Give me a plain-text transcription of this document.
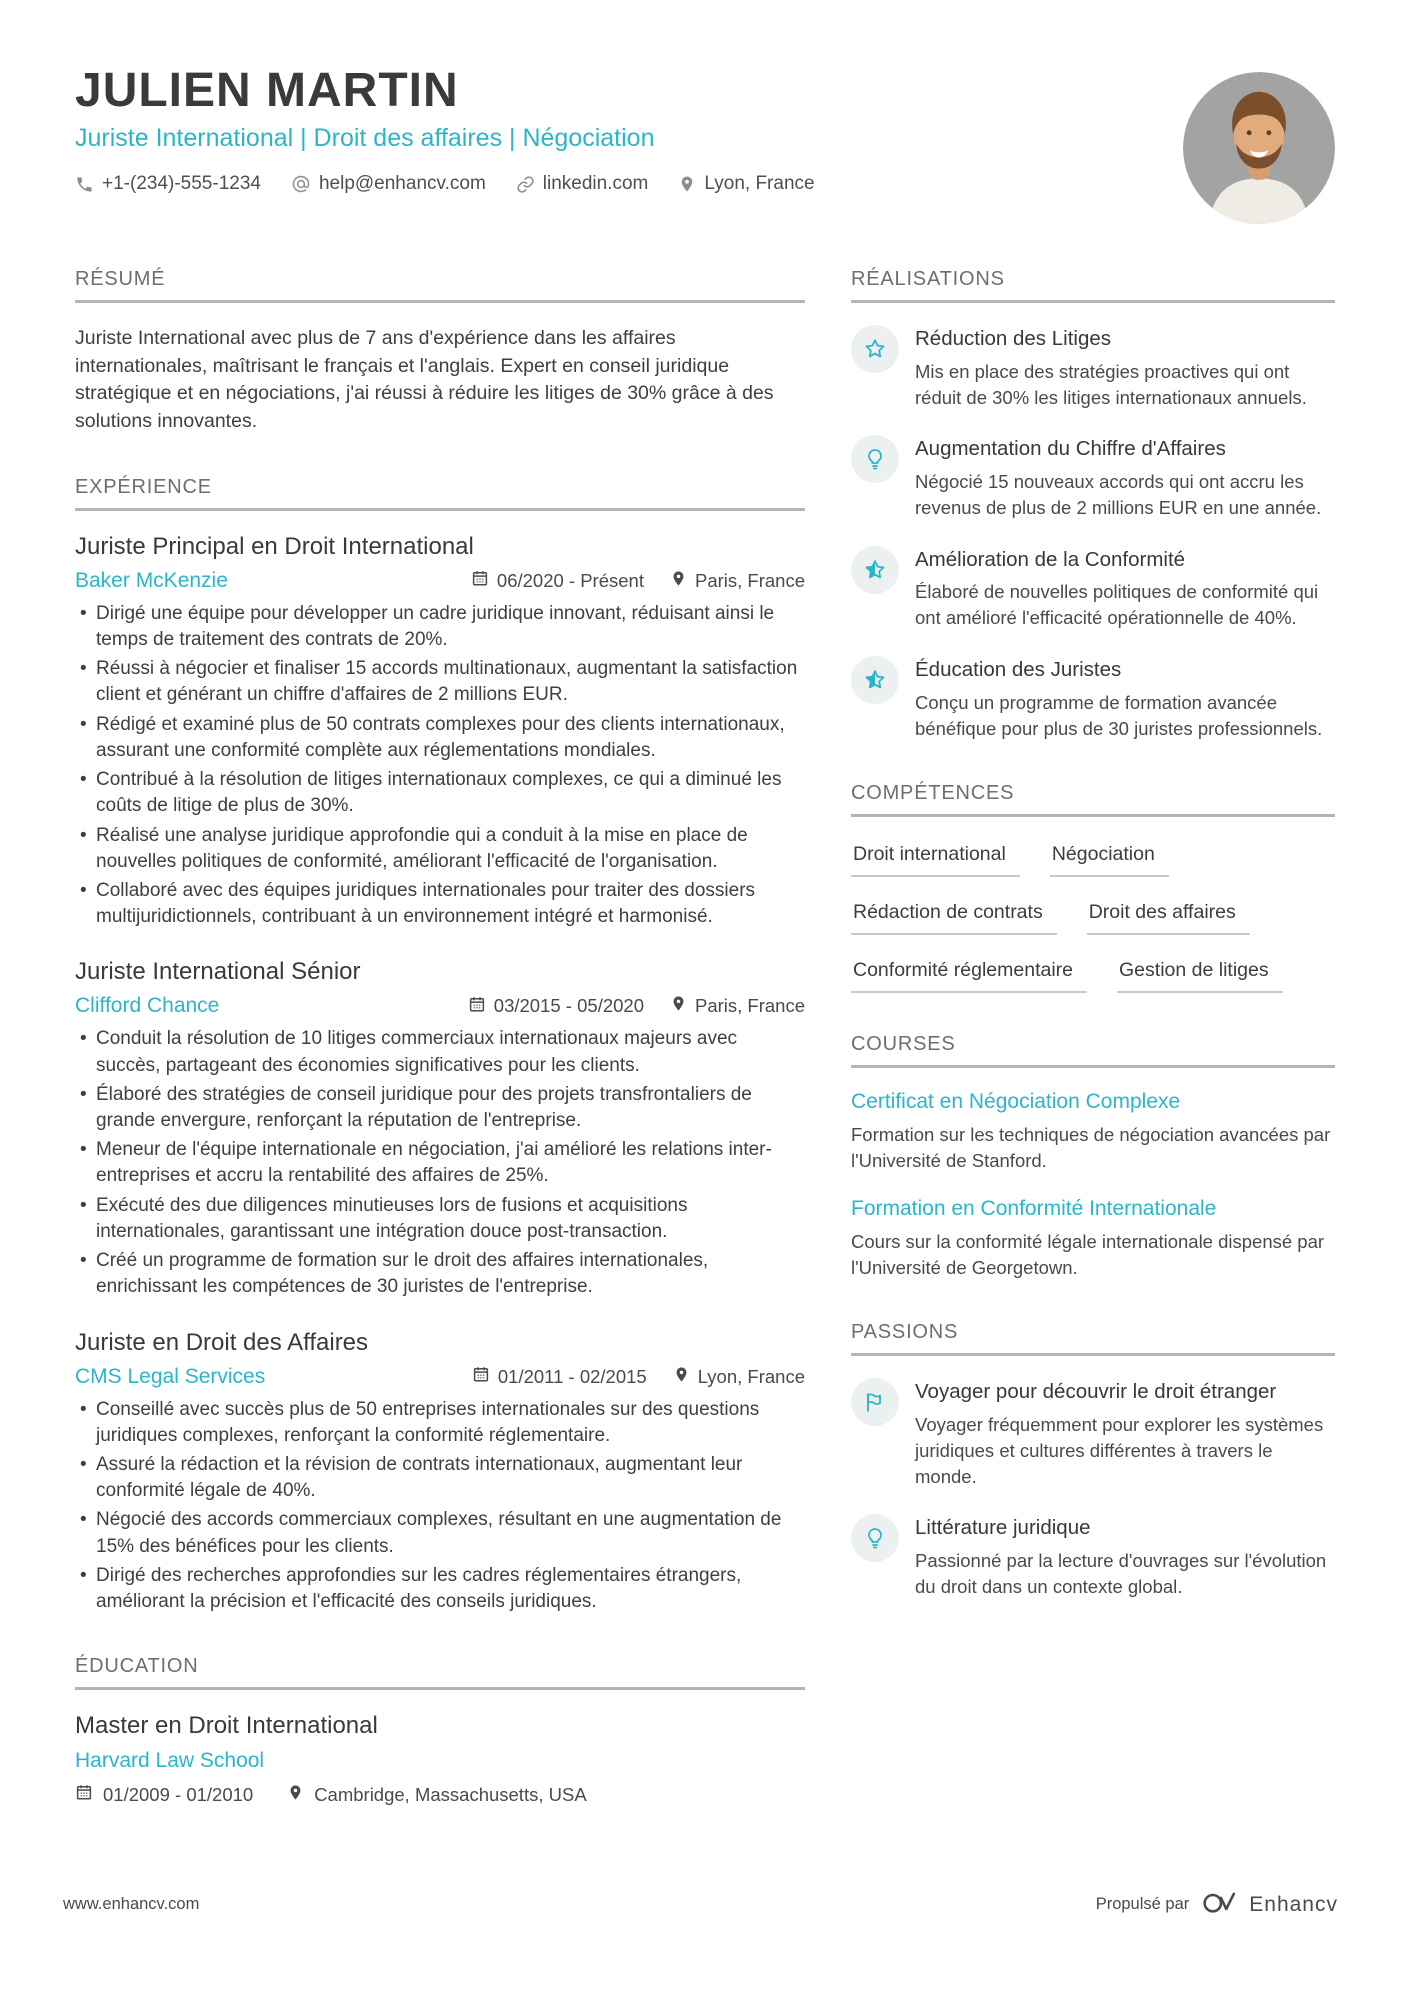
JULIEN MARTIN
Juriste International | Droit des affaires | Négociation
+1-(234)-555-1234	help@enhancv.com	linkedin.com	Lyon, France
RÉSUMÉ
Juriste International avec plus de 7 ans d'expérience dans les affaires internationales, maîtrisant le français et l'anglais. Expert en conseil juridique stratégique et en négociations, j'ai réussi à réduire les litiges de 30% grâce à des solutions innovantes.
EXPÉRIENCE
Juriste Principal en Droit International
Baker McKenzie	06/2020 - Présent	Paris, France
• Dirigé une équipe pour développer un cadre juridique innovant, réduisant ainsi le temps de traitement des contrats de 20%.
• Réussi à négocier et finaliser 15 accords multinationaux, augmentant la satisfaction client et générant un chiffre d'affaires de 2 millions EUR.
• Rédigé et examiné plus de 50 contrats complexes pour des clients internationaux, assurant une conformité complète aux réglementations mondiales.
• Contribué à la résolution de litiges internationaux complexes, ce qui a diminué les coûts de litige de plus de 30%.
• Réalisé une analyse juridique approfondie qui a conduit à la mise en place de nouvelles politiques de conformité, améliorant l'efficacité de l'organisation.
• Collaboré avec des équipes juridiques internationales pour traiter des dossiers multijuridictionnels, contribuant à un environnement intégré et harmonisé.
Juriste International Sénior
Clifford Chance	03/2015 - 05/2020	Paris, France
• Conduit la résolution de 10 litiges commerciaux internationaux majeurs avec succès, partageant des économies significatives pour les clients.
• Élaboré des stratégies de conseil juridique pour des projets transfrontaliers de grande envergure, renforçant la réputation de l'entreprise.
• Meneur de l'équipe internationale en négociation, j'ai amélioré les relations inter-entreprises et accru la rentabilité des affaires de 25%.
• Exécuté des due diligences minutieuses lors de fusions et acquisitions internationales, garantissant une intégration douce post-transaction.
• Créé un programme de formation sur le droit des affaires internationales, enrichissant les compétences de 30 juristes de l'entreprise.
Juriste en Droit des Affaires
CMS Legal Services	01/2011 - 02/2015	Lyon, France
• Conseillé avec succès plus de 50 entreprises internationales sur des questions juridiques complexes, renforçant la conformité réglementaire.
• Assuré la rédaction et la révision de contrats internationaux, augmentant leur conformité légale de 40%.
• Négocié des accords commerciaux complexes, résultant en une augmentation de 15% des bénéfices pour les clients.
• Dirigé des recherches approfondies sur les cadres réglementaires étrangers, améliorant la précision et l'efficacité des conseils juridiques.
ÉDUCATION
Master en Droit International
Harvard Law School
01/2009 - 01/2010	Cambridge, Massachusetts, USA
RÉALISATIONS
Réduction des Litiges
Mis en place des stratégies proactives qui ont réduit de 30% les litiges internationaux annuels.
Augmentation du Chiffre d'Affaires
Négocié 15 nouveaux accords qui ont accru les revenus de plus de 2 millions EUR en une année.
Amélioration de la Conformité
Élaboré de nouvelles politiques de conformité qui ont amélioré l'efficacité opérationnelle de 40%.
Éducation des Juristes
Conçu un programme de formation avancée bénéfique pour plus de 30 juristes professionnels.
COMPÉTENCES
Droit international	Négociation
Rédaction de contrats	Droit des affaires
Conformité réglementaire	Gestion de litiges
COURSES
Certificat en Négociation Complexe
Formation sur les techniques de négociation avancées par l'Université de Stanford.
Formation en Conformité Internationale
Cours sur la conformité légale internationale dispensé par l'Université de Georgetown.
PASSIONS
Voyager pour découvrir le droit étranger
Voyager fréquemment pour explorer les systèmes juridiques et cultures différentes à travers le monde.
Littérature juridique
Passionné par la lecture d'ouvrages sur l'évolution du droit dans un contexte global.
www.enhancv.com	Propulsé par	Enhancv
